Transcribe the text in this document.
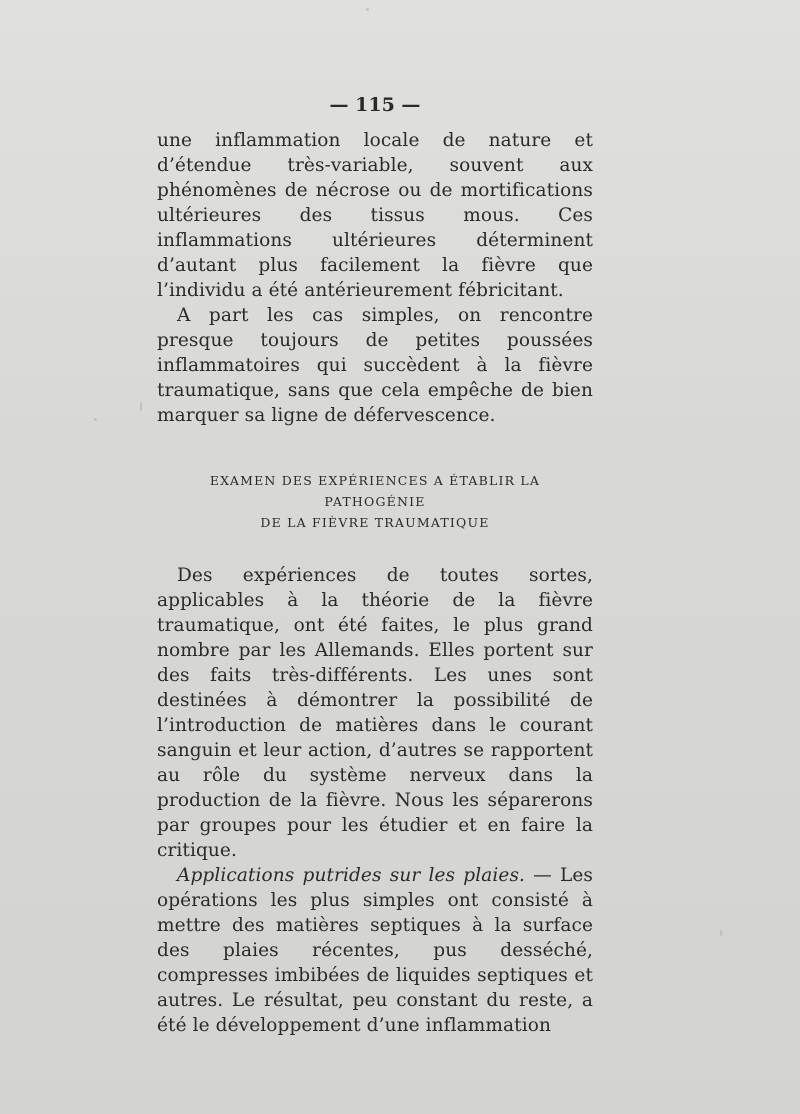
— 115 —

une inflammation locale de nature et d’étendue très-variable, souvent aux phénomènes de nécrose ou de mortifications ultérieures des tissus mous. Ces inflammations ultérieures déterminent d’autant plus facilement la fièvre que l’individu a été antérieurement fébricitant.

A part les cas simples, on rencontre presque toujours de petites poussées inflammatoires qui succèdent à la fièvre traumatique, sans que cela empêche de bien marquer sa ligne de défervescence.

EXAMEN DES EXPÉRIENCES A ÉTABLIR LA PATHOGÉNIE
DE LA FIÈVRE TRAUMATIQUE

Des expériences de toutes sortes, applicables à la théorie de la fièvre traumatique, ont été faites, le plus grand nombre par les Allemands. Elles portent sur des faits très-différents. Les unes sont destinées à démontrer la possibilité de l’introduction de matières dans le courant sanguin et leur action, d’autres se rapportent au rôle du système nerveux dans la production de la fièvre. Nous les séparerons par groupes pour les étudier et en faire la critique.

Applications putrides sur les plaies. — Les opérations les plus simples ont consisté à mettre des matières septiques à la surface des plaies récentes, pus desséché, compresses imbibées de liquides septiques et autres. Le résultat, peu constant du reste, a été le développement d’une inflammation
